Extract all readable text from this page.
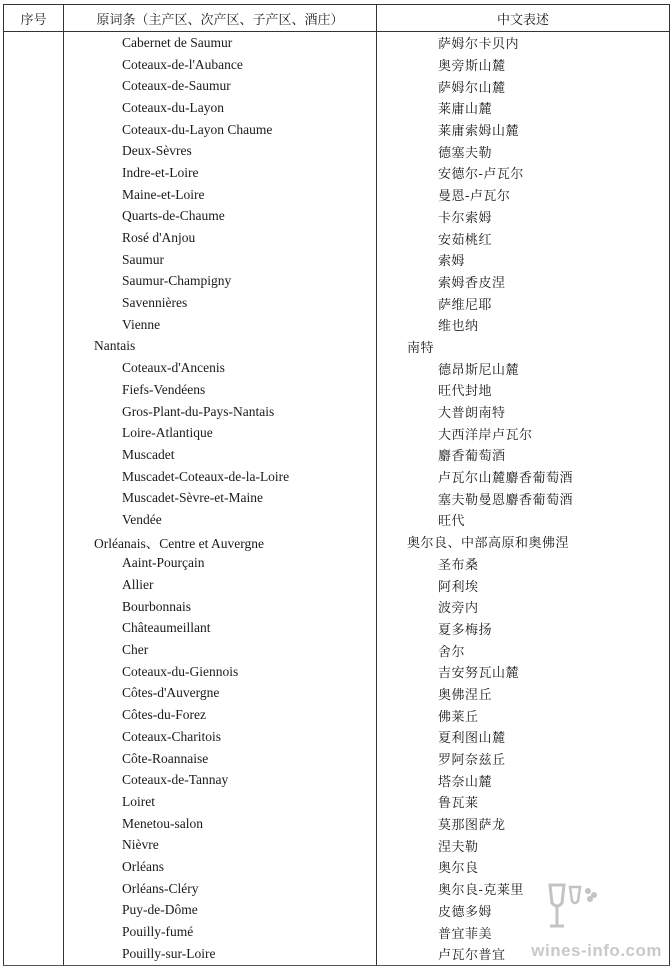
序号	原词条（主产区、次产区、子产区、酒庄）	中文表述
	Cabernet de Saumur	萨姆尔卡贝内
	Coteaux-de-l'Aubance	奥旁斯山麓
	Coteaux-de-Saumur	萨姆尔山麓
	Coteaux-du-Layon	莱庸山麓
	Coteaux-du-Layon Chaume	莱庸索姆山麓
	Deux-Sèvres	德塞夫勒
	Indre-et-Loire	安德尔-卢瓦尔
	Maine-et-Loire	曼恩-卢瓦尔
	Quarts-de-Chaume	卡尔索姆
	Rosé d'Anjou	安茹桃红
	Saumur	索姆
	Saumur-Champigny	索姆香皮涅
	Savennières	萨维尼耶
	Vienne	维也纳
	Nantais	南特
	Coteaux-d'Ancenis	德昂斯尼山麓
	Fiefs-Vendéens	旺代封地
	Gros-Plant-du-Pays-Nantais	大普朗南特
	Loire-Atlantique	大西洋岸卢瓦尔
	Muscadet	麝香葡萄酒
	Muscadet-Coteaux-de-la-Loire	卢瓦尔山麓麝香葡萄酒
	Muscadet-Sèvre-et-Maine	塞夫勒曼恩麝香葡萄酒
	Vendée	旺代
	Orléanais、Centre et Auvergne	奥尔良、中部高原和奥佛涅
	Aaint-Pourçain	圣布桑
	Allier	阿利埃
	Bourbonnais	波旁内
	Châteaumeillant	夏多梅扬
	Cher	舍尔
	Coteaux-du-Giennois	吉安努瓦山麓
	Côtes-d'Auvergne	奥佛涅丘
	Côtes-du-Forez	佛莱丘
	Coteaux-Charitois	夏利图山麓
	Côte-Roannaise	罗阿奈兹丘
	Coteaux-de-Tannay	塔奈山麓
	Loiret	鲁瓦莱
	Menetou-salon	莫那图萨龙
	Nièvre	涅夫勒
	Orléans	奥尔良
	Orléans-Cléry	奥尔良-克莱里
	Puy-de-Dôme	皮德多姆
	Pouilly-fumé	普宜菲美
	Pouilly-sur-Loire	卢瓦尔普宜 wines-info.com
